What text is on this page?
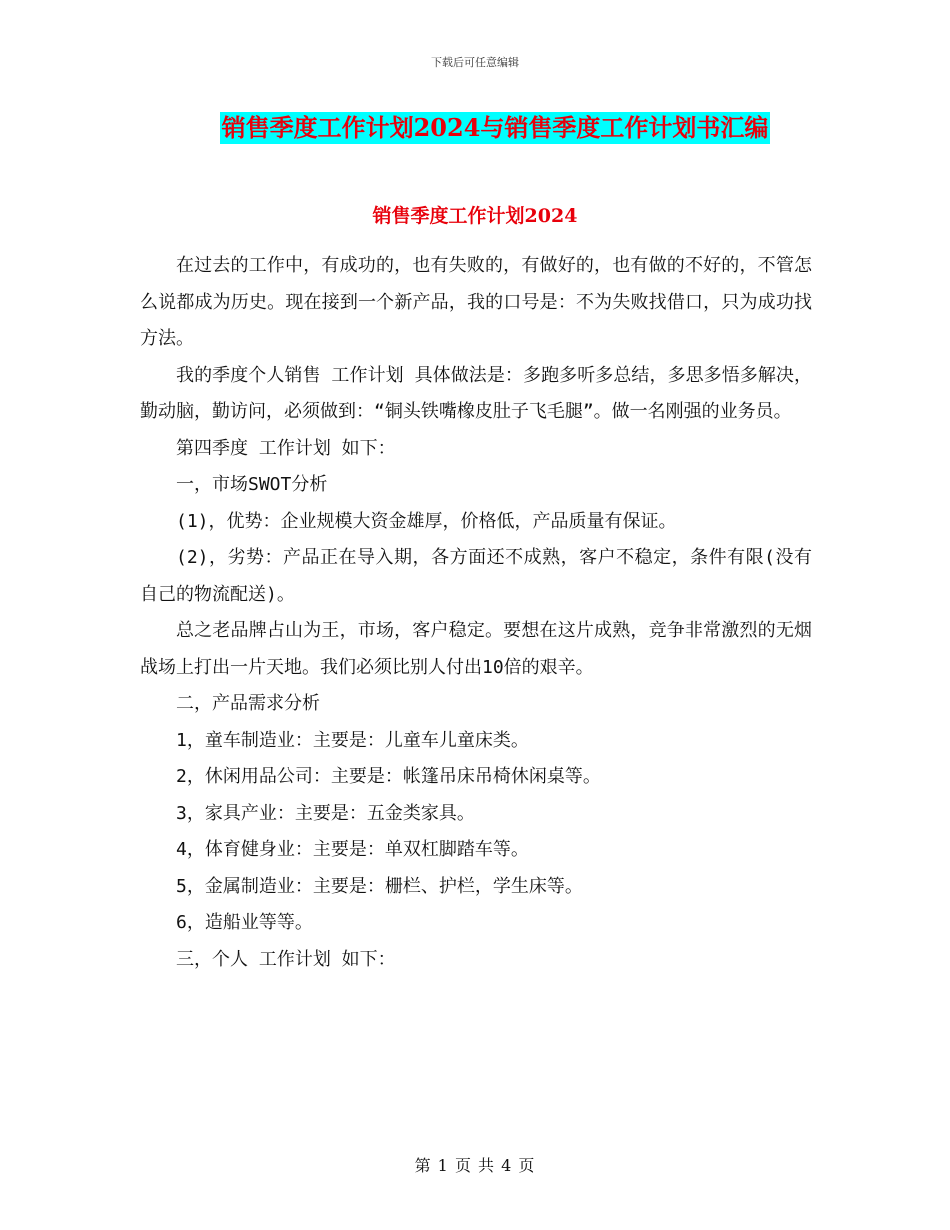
下载后可任意编辑
销售季度工作计划2024与销售季度工作计划书汇编
销售季度工作计划2024

在过去的工作中，有成功的，也有失败的，有做好的，也有做的不好的，不管怎么说都成为历史。现在接到一个新产品，我的口号是：不为失败找借口，只为成功找方法。

我的季度个人销售 工作计划 具体做法是：多跑多听多总结，多思多悟多解决，勤动脑，勤访问，必须做到：“铜头铁嘴橡皮肚子飞毛腿”。做一名刚强的业务员。

第四季度 工作计划 如下：

一，市场SWOT分析

(1)，优势：企业规模大资金雄厚，价格低，产品质量有保证。

(2)，劣势：产品正在导入期，各方面还不成熟，客户不稳定，条件有限(没有自己的物流配送)。

总之老品牌占山为王，市场，客户稳定。要想在这片成熟，竞争非常激烈的无烟战场上打出一片天地。我们必须比别人付出10倍的艰辛。

二，产品需求分析

1，童车制造业：主要是：儿童车儿童床类。

2，休闲用品公司：主要是：帐篷吊床吊椅休闲桌等。

3，家具产业：主要是：五金类家具。

4，体育健身业：主要是：单双杠脚踏车等。

5，金属制造业：主要是：栅栏、护栏，学生床等。

6，造船业等等。

三，个人 工作计划 如下：

第 1 页 共 4 页
